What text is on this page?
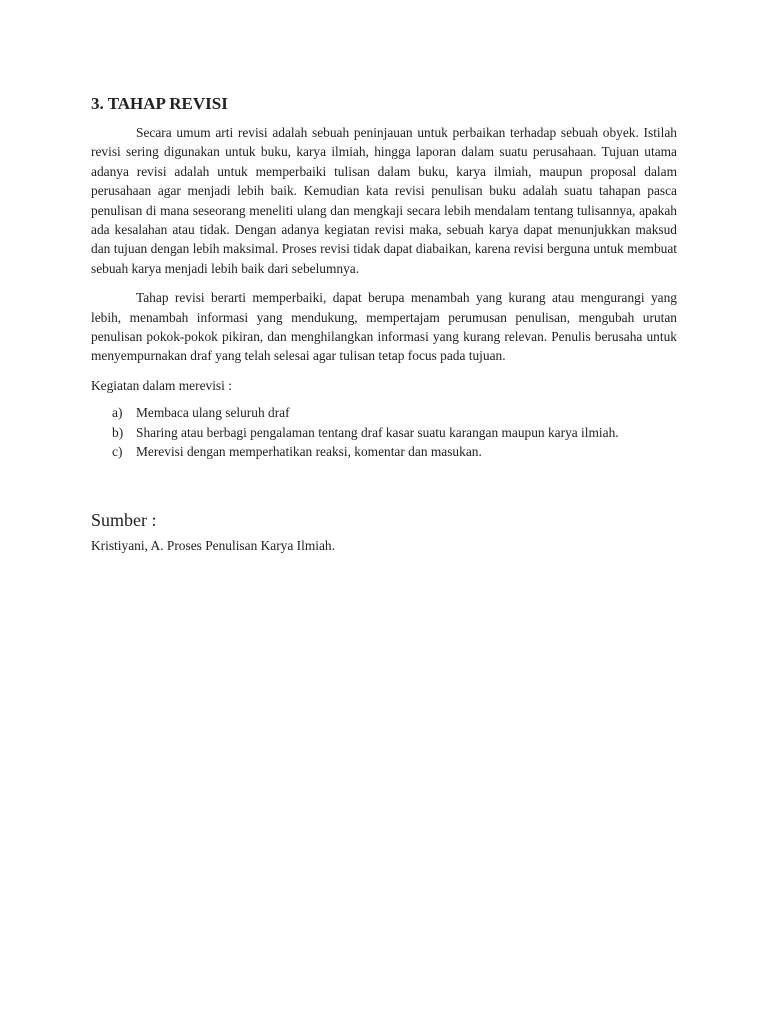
3. TAHAP REVISI

Secara umum arti revisi adalah sebuah peninjauan untuk perbaikan terhadap sebuah obyek. Istilah revisi sering digunakan untuk buku, karya ilmiah, hingga laporan dalam suatu perusahaan. Tujuan utama adanya revisi adalah untuk memperbaiki tulisan dalam buku, karya ilmiah, maupun proposal dalam perusahaan agar menjadi lebih baik. Kemudian kata revisi penulisan buku adalah suatu tahapan pasca penulisan di mana seseorang meneliti ulang dan mengkaji secara lebih mendalam tentang tulisannya, apakah ada kesalahan atau tidak. Dengan adanya kegiatan revisi maka, sebuah karya dapat menunjukkan maksud dan tujuan dengan lebih maksimal. Proses revisi tidak dapat diabaikan, karena revisi berguna untuk membuat sebuah karya menjadi lebih baik dari sebelumnya.

Tahap revisi berarti memperbaiki, dapat berupa menambah yang kurang atau mengurangi yang lebih, menambah informasi yang mendukung, mempertajam perumusan penulisan, mengubah urutan penulisan pokok-pokok pikiran, dan menghilangkan informasi yang kurang relevan. Penulis berusaha untuk menyempurnakan draf yang telah selesai agar tulisan tetap focus pada tujuan.

Kegiatan dalam merevisi :

a) Membaca ulang seluruh draf
b) Sharing atau berbagi pengalaman tentang draf kasar suatu karangan maupun karya ilmiah.
c) Merevisi dengan memperhatikan reaksi, komentar dan masukan.
Sumber :

Kristiyani, A. Proses Penulisan Karya Ilmiah.
